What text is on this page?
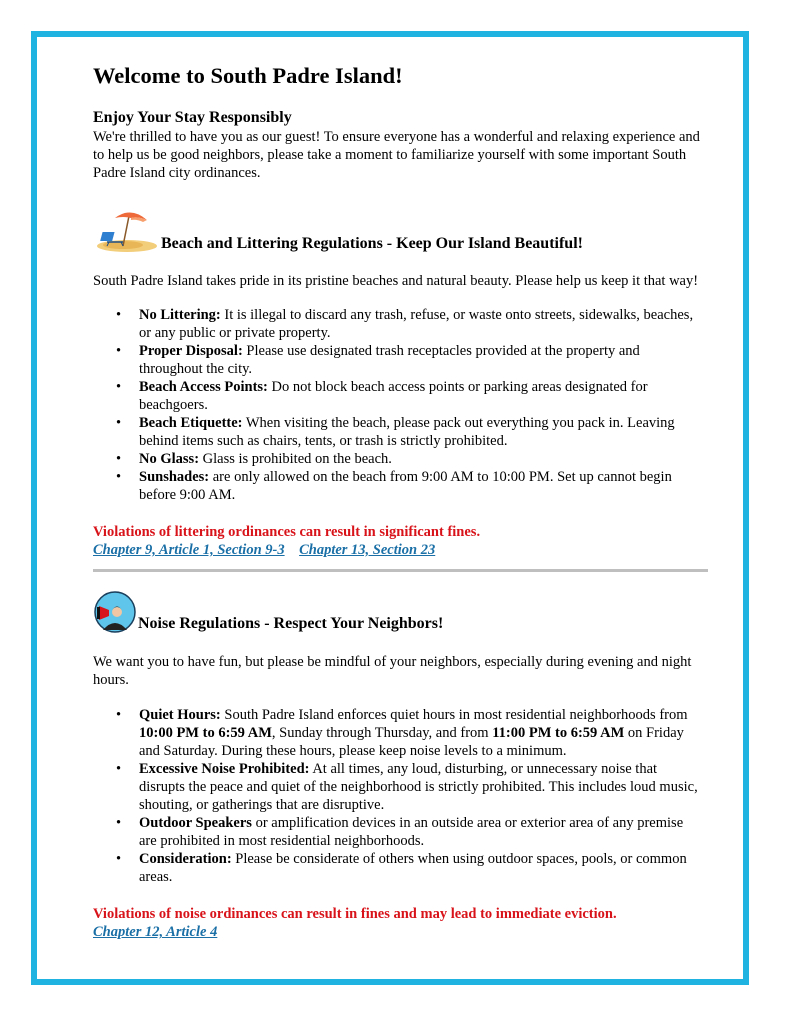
Welcome to South Padre Island!
Enjoy Your Stay Responsibly

We're thrilled to have you as our guest! To ensure everyone has a wonderful and relaxing experience and to help us be good neighbors, please take a moment to familiarize yourself with some important South Padre Island city ordinances.

Beach and Littering Regulations - Keep Our Island Beautiful!

South Padre Island takes pride in its pristine beaches and natural beauty. Please help us keep it that way!

• No Littering: It is illegal to discard any trash, refuse, or waste onto streets, sidewalks, beaches, or any public or private property.
• Proper Disposal: Please use designated trash receptacles provided at the property and throughout the city.
• Beach Access Points: Do not block beach access points or parking areas designated for beachgoers.
• Beach Etiquette: When visiting the beach, please pack out everything you pack in. Leaving behind items such as chairs, tents, or trash is strictly prohibited.
• No Glass: Glass is prohibited on the beach.
• Sunshades: are only allowed on the beach from 9:00 AM to 10:00 PM. Set up cannot begin before 9:00 AM.

Violations of littering ordinances can result in significant fines.

Chapter 9, Article 1, Section 9-3 Chapter 13, Section 23
Noise Regulations - Respect Your Neighbors!

We want you to have fun, but please be mindful of your neighbors, especially during evening and night hours.

• Quiet Hours: South Padre Island enforces quiet hours in most residential neighborhoods from 10:00 PM to 6:59 AM, Sunday through Thursday, and from 11:00 PM to 6:59 AM on Friday and Saturday. During these hours, please keep noise levels to a minimum.
• Excessive Noise Prohibited: At all times, any loud, disturbing, or unnecessary noise that disrupts the peace and quiet of the neighborhood is strictly prohibited. This includes loud music, shouting, or gatherings that are disruptive.
• Outdoor Speakers or amplification devices in an outside area or exterior area of any premise are prohibited in most residential neighborhoods.
• Consideration: Please be considerate of others when using outdoor spaces, pools, or common areas.

Violations of noise ordinances can result in fines and may lead to immediate eviction.

Chapter 12, Article 4
